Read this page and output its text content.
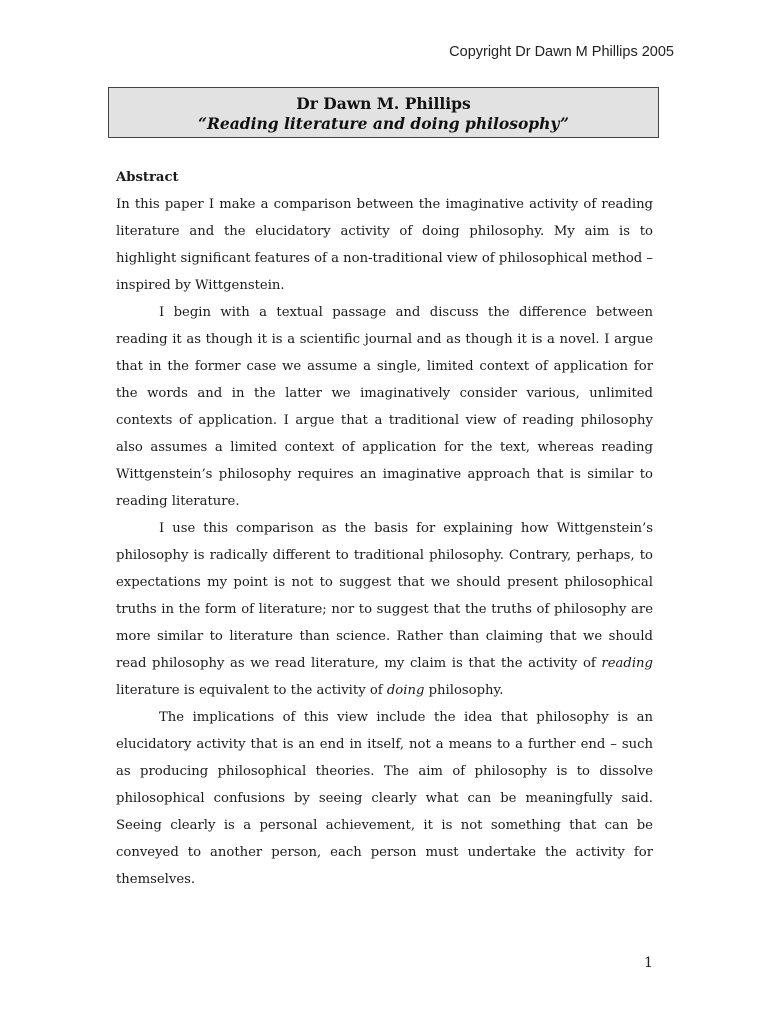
Copyright Dr Dawn M Phillips 2005
Dr Dawn M. Phillips
“Reading literature and doing philosophy”

Abstract

In this paper I make a comparison between the imaginative activity of reading literature and the elucidatory activity of doing philosophy. My aim is to highlight significant features of a non-traditional view of philosophical method – inspired by Wittgenstein.

I begin with a textual passage and discuss the difference between reading it as though it is a scientific journal and as though it is a novel. I argue that in the former case we assume a single, limited context of application for the words and in the latter we imaginatively consider various, unlimited contexts of application. I argue that a traditional view of reading philosophy also assumes a limited context of application for the text, whereas reading Wittgenstein’s philosophy requires an imaginative approach that is similar to reading literature.

I use this comparison as the basis for explaining how Wittgenstein’s philosophy is radically different to traditional philosophy. Contrary, perhaps, to expectations my point is not to suggest that we should present philosophical truths in the form of literature; nor to suggest that the truths of philosophy are more similar to literature than science. Rather than claiming that we should read philosophy as we read literature, my claim is that the activity of reading literature is equivalent to the activity of doing philosophy.

The implications of this view include the idea that philosophy is an elucidatory activity that is an end in itself, not a means to a further end – such as producing philosophical theories. The aim of philosophy is to dissolve philosophical confusions by seeing clearly what can be meaningfully said. Seeing clearly is a personal achievement, it is not something that can be conveyed to another person, each person must undertake the activity for themselves.

1
